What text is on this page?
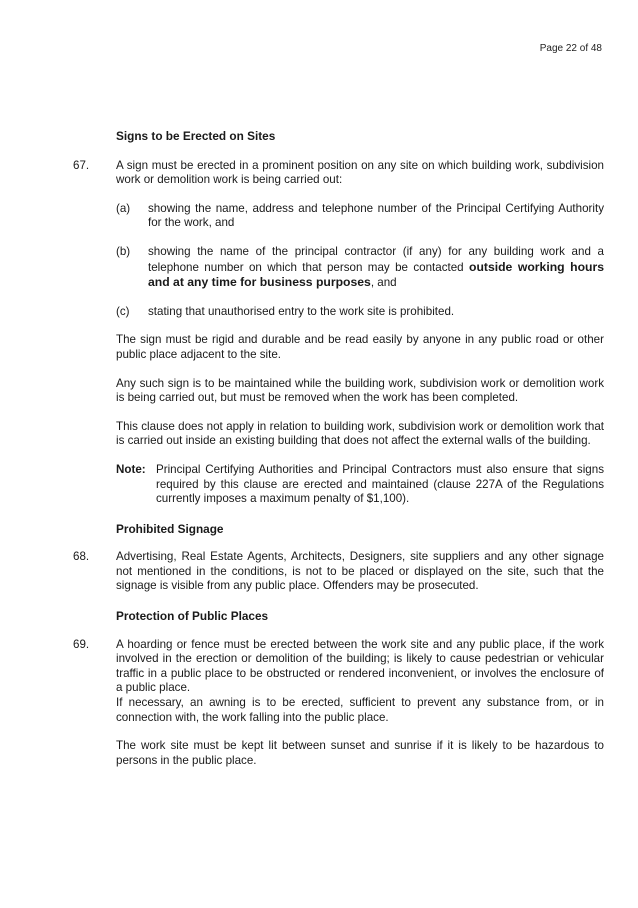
Page 22 of 48
Signs to be Erected on Sites
67.	A sign must be erected in a prominent position on any site on which building work, subdivision work or demolition work is being carried out:
(a)	showing the name, address and telephone number of the Principal Certifying Authority for the work, and
(b)	showing the name of the principal contractor (if any) for any building work and a telephone number on which that person may be contacted outside working hours and at any time for business purposes, and
(c)	stating that unauthorised entry to the work site is prohibited.
The sign must be rigid and durable and be read easily by anyone in any public road or other public place adjacent to the site.
Any such sign is to be maintained while the building work, subdivision work or demolition work is being carried out, but must be removed when the work has been completed.
This clause does not apply in relation to building work, subdivision work or demolition work that is carried out inside an existing building that does not affect the external walls of the building.
Note: Principal Certifying Authorities and Principal Contractors must also ensure that signs required by this clause are erected and maintained (clause 227A of the Regulations currently imposes a maximum penalty of $1,100).
Prohibited Signage
68.	Advertising, Real Estate Agents, Architects, Designers, site suppliers and any other signage not mentioned in the conditions, is not to be placed or displayed on the site, such that the signage is visible from any public place. Offenders may be prosecuted.
Protection of Public Places
69.	A hoarding or fence must be erected between the work site and any public place, if the work involved in the erection or demolition of the building; is likely to cause pedestrian or vehicular traffic in a public place to be obstructed or rendered inconvenient, or involves the enclosure of a public place.
If necessary, an awning is to be erected, sufficient to prevent any substance from, or in connection with, the work falling into the public place.
The work site must be kept lit between sunset and sunrise if it is likely to be hazardous to persons in the public place.
